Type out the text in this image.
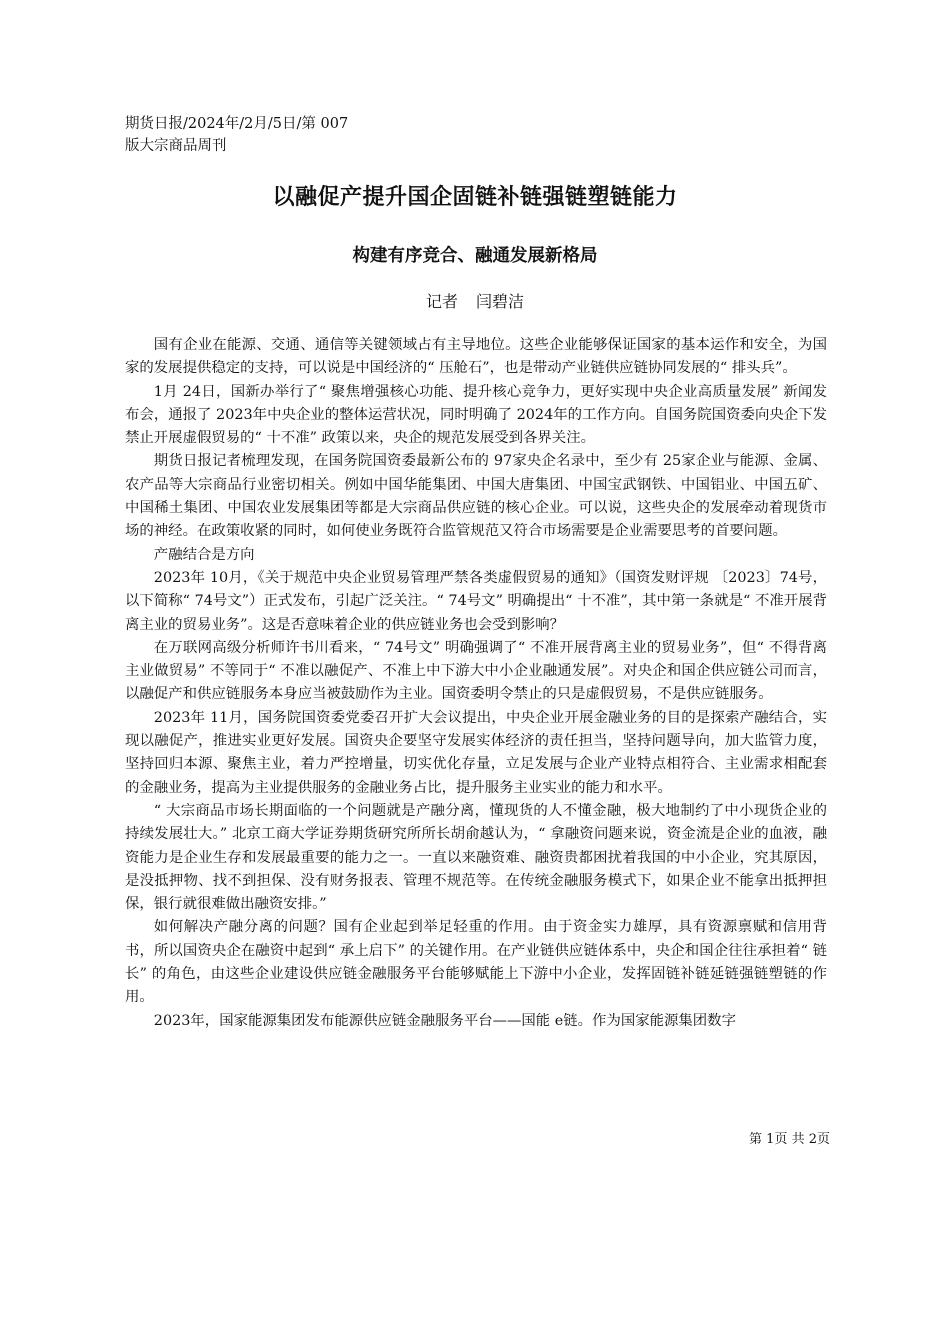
期货日报/2024年/2月/5日/第 007
版大宗商品周刊
以融促产提升国企固链补链强链塑链能力
构建有序竞合、融通发展新格局
记者 闫碧洁

国有企业在能源、交通、通信等关键领域占有主导地位。这些企业能够保证国家的基本运作和安全，为国家的发展提供稳定的支持，可以说是中国经济的“ 压舱石”，也是带动产业链供应链协同发展的“ 排头兵”。

1月 24日，国新办举行了“ 聚焦增强核心功能、提升核心竞争力，更好实现中央企业高质量发展” 新闻发布会，通报了 2023年中央企业的整体运营状况，同时明确了 2024年的工作方向。自国务院国资委向央企下发禁止开展虚假贸易的“ 十不准” 政策以来，央企的规范发展受到各界关注。

期货日报记者梳理发现，在国务院国资委最新公布的 97家央企名录中，至少有 25家企业与能源、金属、农产品等大宗商品行业密切相关。例如中国华能集团、中国大唐集团、中国宝武钢铁、中国铝业、中国五矿、中国稀土集团、中国农业发展集团等都是大宗商品供应链的核心企业。可以说，这些央企的发展牵动着现货市场的神经。在政策收紧的同时，如何使业务既符合监管规范又符合市场需要是企业需要思考的首要问题。

产融结合是方向

2023年 10月，《关于规范中央企业贸易管理严禁各类虚假贸易的通知》（国资发财评规 〔2023〕74号，以下简称“ 74号文”）正式发布，引起广泛关注。“ 74号文” 明确提出“ 十不准”，其中第一条就是“ 不准开展背离主业的贸易业务”。这是否意味着企业的供应链业务也会受到影响？

在万联网高级分析师许书川看来，“ 74号文” 明确强调了“ 不准开展背离主业的贸易业务”，但“ 不得背离主业做贸易” 不等同于“ 不准以融促产、不准上中下游大中小企业融通发展”。对央企和国企供应链公司而言，以融促产和供应链服务本身应当被鼓励作为主业。国资委明令禁止的只是虚假贸易，不是供应链服务。

2023年 11月，国务院国资委党委召开扩大会议提出，中央企业开展金融业务的目的是探索产融结合，实现以融促产，推进实业更好发展。国资央企要坚守发展实体经济的责任担当，坚持问题导向，加大监管力度，坚持回归本源、聚焦主业，着力严控增量，切实优化存量，立足发展与企业产业特点相符合、主业需求相配套的金融业务，提高为主业提供服务的金融业务占比，提升服务主业实业的能力和水平。

“ 大宗商品市场长期面临的一个问题就是产融分离，懂现货的人不懂金融，极大地制约了中小现货企业的持续发展壮大。” 北京工商大学证券期货研究所所长胡俞越认为，“ 拿融资问题来说，资金流是企业的血液，融资能力是企业生存和发展最重要的能力之一。一直以来融资难、融资贵都困扰着我国的中小企业，究其原因，是没抵押物、找不到担保、没有财务报表、管理不规范等。在传统金融服务模式下，如果企业不能拿出抵押担保，银行就很难做出融资安排。”

如何解决产融分离的问题？国有企业起到举足轻重的作用。由于资金实力雄厚，具有资源禀赋和信用背书，所以国资央企在融资中起到“ 承上启下” 的关键作用。在产业链供应链体系中，央企和国企往往承担着“ 链长” 的角色，由这些企业建设供应链金融服务平台能够赋能上下游中小企业，发挥固链补链延链强链塑链的作用。

2023年，国家能源集团发布能源供应链金融服务平台——国能 e链。作为国家能源集团数字

第 1页 共 2页
